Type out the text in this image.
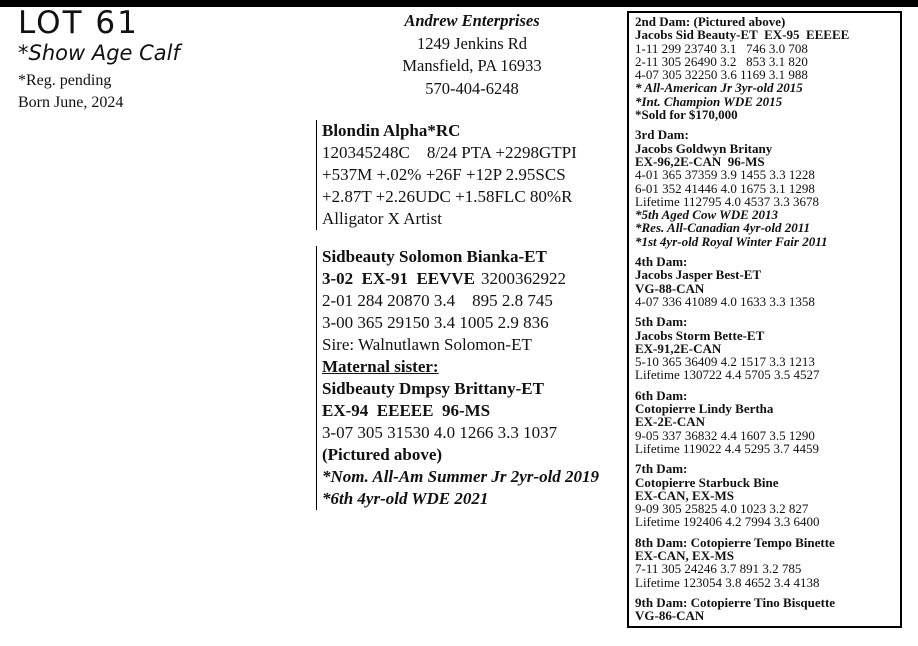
LOT 61
*Show Age Calf
*Reg. pending
Born June, 2024
Andrew Enterprises
1249 Jenkins Rd
Mansfield, PA 16933
570-404-6248
Blondin Alpha*RC
120345248C    8/24 PTA +2298GTPI
+537M +.02% +26F +12P 2.95SCS
+2.87T +2.26UDC +1.58FLC 80%R
Alligator X Artist
Sidbeauty Solomon Bianka-ET
3-02  EX-91  EEVVE 3200362922
2-01 284 20870 3.4    895 2.8 745
3-00 365 29150 3.4 1005 2.9 836
Sire: Walnutlawn Solomon-ET
Maternal sister:
Sidbeauty Dmpsy Brittany-ET
EX-94  EEEEE  96-MS
3-07 305 31530 4.0 1266 3.3 1037
(Pictured above)
*Nom. All-Am Summer Jr 2yr-old 2019
*6th 4yr-old WDE 2021
2nd Dam: (Pictured above)
Jacobs Sid Beauty-ET  EX-95  EEEEE
1-11 299 23740 3.1   746 3.0 708
2-11 305 26490 3.2   853 3.1 820
4-07 305 32250 3.6 1169 3.1 988
* All-American Jr 3yr-old 2015
*Int. Champion WDE 2015
*Sold for $170,000
3rd Dam:
Jacobs Goldwyn Britany
EX-96,2E-CAN  96-MS
4-01 365 37359 3.9 1455 3.3 1228
6-01 352 41446 4.0 1675 3.1 1298
Lifetime 112795 4.0 4537 3.3 3678
*5th Aged Cow WDE 2013
*Res. All-Canadian 4yr-old 2011
*1st 4yr-old Royal Winter Fair 2011
4th Dam:
Jacobs Jasper Best-ET
VG-88-CAN
4-07 336 41089 4.0 1633 3.3 1358
5th Dam:
Jacobs Storm Bette-ET
EX-91,2E-CAN
5-10 365 36409 4.2 1517 3.3 1213
Lifetime 130722 4.4 5705 3.5 4527
6th Dam:
Cotopierre Lindy Bertha
EX-2E-CAN
9-05 337 36832 4.4 1607 3.5 1290
Lifetime 119022 4.4 5295 3.7 4459
7th Dam:
Cotopierre Starbuck Bine
EX-CAN, EX-MS
9-09 305 25825 4.0 1023 3.2 827
Lifetime 192406 4.2 7994 3.3 6400
8th Dam: Cotopierre Tempo Binette
EX-CAN, EX-MS
7-11 305 24246 3.7 891 3.2 785
Lifetime 123054 3.8 4652 3.4 4138
9th Dam: Cotopierre Tino Bisquette
VG-86-CAN
